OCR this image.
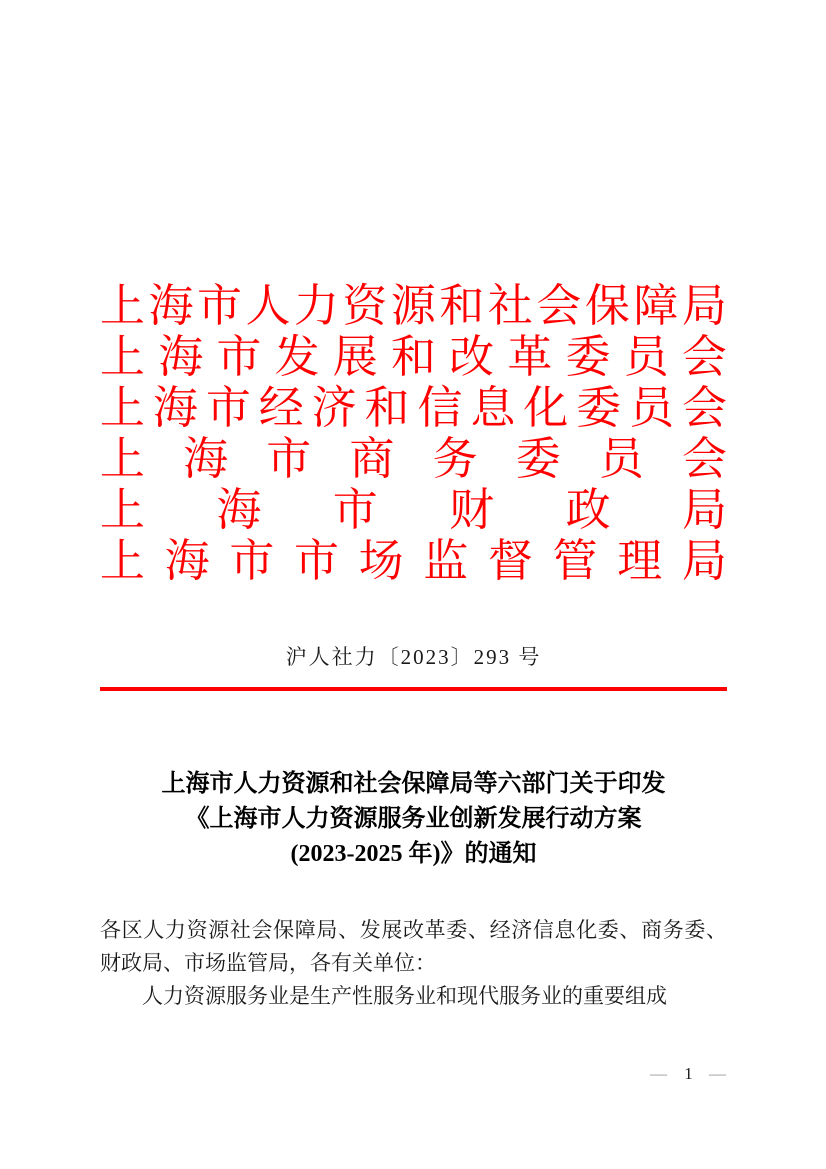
上 海 市 人 力 资 源 和 社 会 保 障 局
上 海 市 发 展 和 改 革 委 员 会
上 海 市 经 济 和 信 息 化 委 员 会
上 海 市 商 务 委 员 会
上 海 市 财 政 局
上 海 市 市 场 监 督 管 理 局
沪人社力〔2023〕293 号
上海市人力资源和社会保障局等六部门关于印发
《上海市人力资源服务业创新发展行动方案
(2023-2025 年)》的通知

各区人力资源社会保障局、发展改革委、经济信息化委、商务委、财政局、市场监管局，各有关单位：

人力资源服务业是生产性服务业和现代服务业的重要组成

— 1 —
